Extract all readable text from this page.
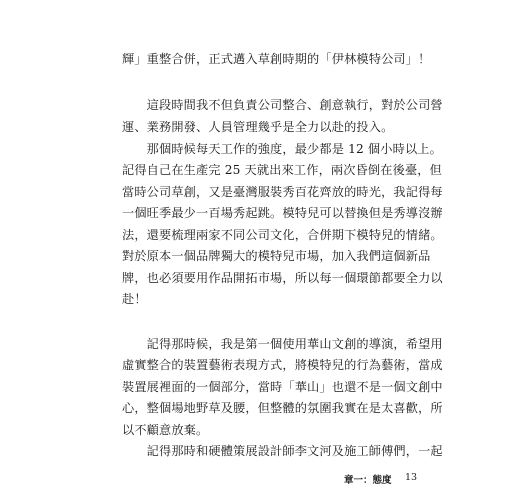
輝」重整合併，正式邁入草創時期的「伊林模特公司」！
　　這段時間我不但負責公司整合、創意執行，對於公司營
運、業務開發、人員管理幾乎是全力以赴的投入。
　　那個時候每天工作的強度，最少都是 12 個小時以上。
記得自己在生產完 25 天就出來工作，兩次昏倒在後臺，但
當時公司草創，又是臺灣服裝秀百花齊放的時光，我記得每
一個旺季最少一百場秀起跳。模特兒可以替換但是秀導沒辦
法，還要梳理兩家不同公司文化，合併期下模特兒的情緒。
對於原本一個品牌獨大的模特兒市場，加入我們這個新品
牌，也必須要用作品開拓市場，所以每一個環節都要全力以
赴！
　　記得那時候，我是第一個使用華山文創的導演，希望用
虛實整合的裝置藝術表現方式，將模特兒的行為藝術，當成
裝置展裡面的一個部分，當時「華山」也還不是一個文創中
心，整個場地野草及腰，但整體的氛圍我實在是太喜歡，所
以不顧意放棄。
　　記得那時和硬體策展設計師李文河及施工師傅們，一起
章一：態度 13
